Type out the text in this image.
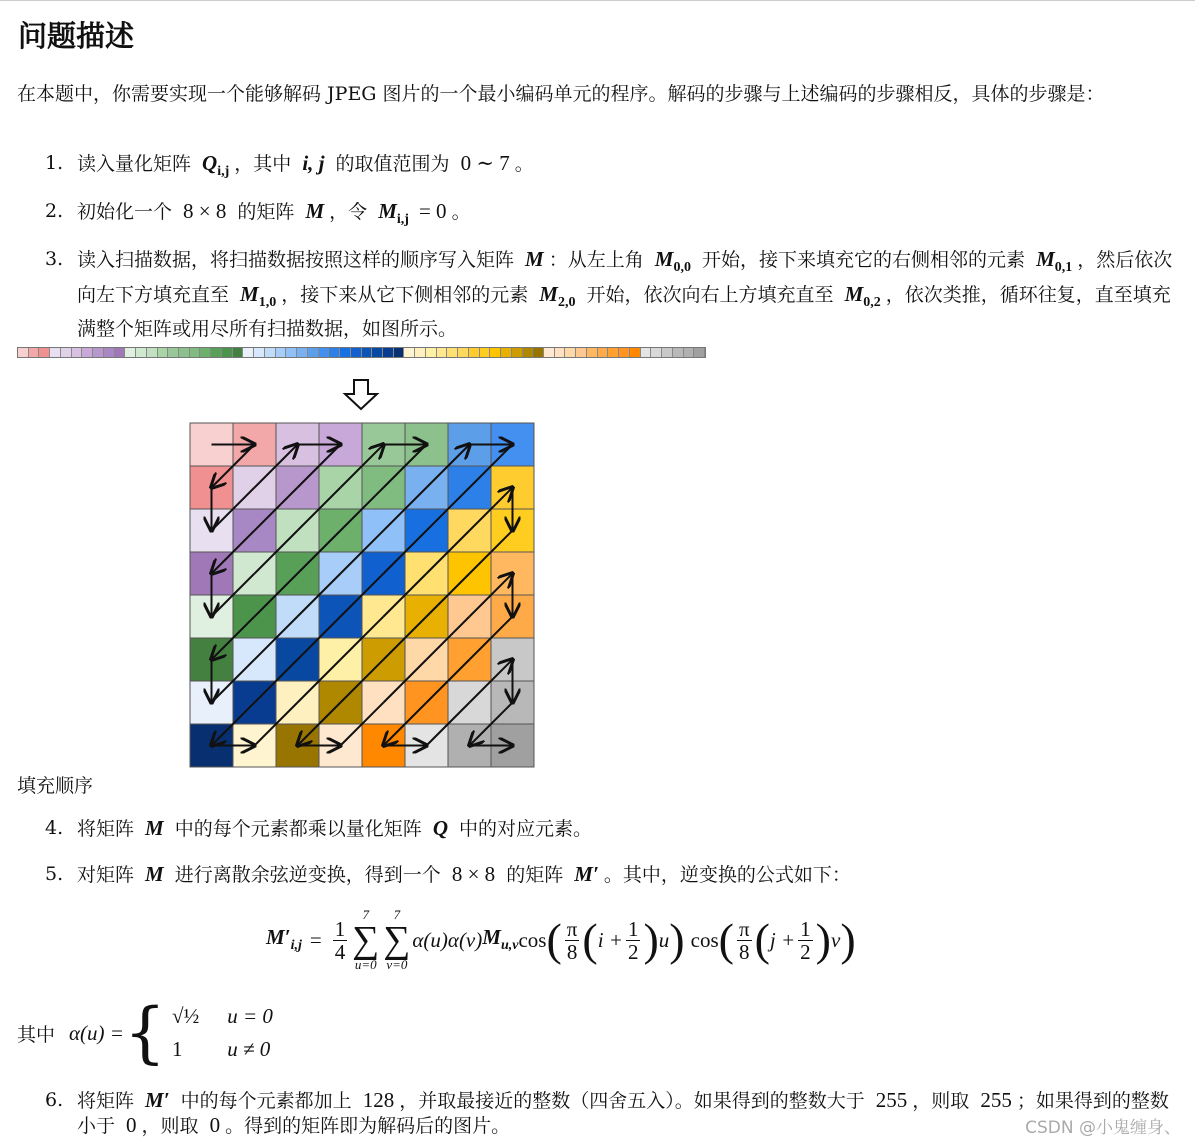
问题描述
在本题中，你需要实现一个能够解码 JPEG 图片的一个最小编码单元的程序。解码的步骤与上述编码的步骤相反，具体的步骤是：
1. 读入量化矩阵 $Q_{i,j}$ ，其中 i, j 的取值范围为 0 ∼ 7 。
2. 初始化一个 8 × 8 的矩阵 M ，令 $M_{i,j} = 0$ 。
3. 读入扫描数据，将扫描数据按照这样的顺序写入矩阵 M ：从左上角 $M_{0,0}$ 开始，接下来填充它的右侧相邻的元素 $M_{0,1}$ ，然后依次向左下方填充直至 $M_{1,0}$ ，接下来从它下侧相邻的元素 $M_{2,0}$ 开始，依次向右上方填充直至 $M_{0,2}$ ，依次类推，循环往复，直至填充满整个矩阵或用尽所有扫描数据，如图所示。
填充顺序
4. 将矩阵 M 中的每个元素都乘以量化矩阵 Q 中的对应元素。
5. 对矩阵 M 进行离散余弦逆变换，得到一个 8 × 8 的矩阵 M′ 。其中，逆变换的公式如下：
$M'_{i,j} = \frac{1}{4}$
7
∑
u=0
7
∑
v=0
α(u)α(v) $M_{u,v}$ cos ( $\frac{\pi}{8}$ ( $i + \frac{1}{2}$ ) u ) cos ( $\frac{\pi}{8}$ ( $j + \frac{1}{2}$ ) v )
其中 α(u) = { √½ u = 0
1	u ≠ 0
6. 将矩阵 M′ 中的每个元素都加上 128 ，并取最接近的整数（四舍五入）。如果得到的整数大于 255 ，则取 255 ；如果得到的整数小于 0 ，则取 0 。得到的矩阵即为解码后的图片。	CSDN @小鬼缠身、
